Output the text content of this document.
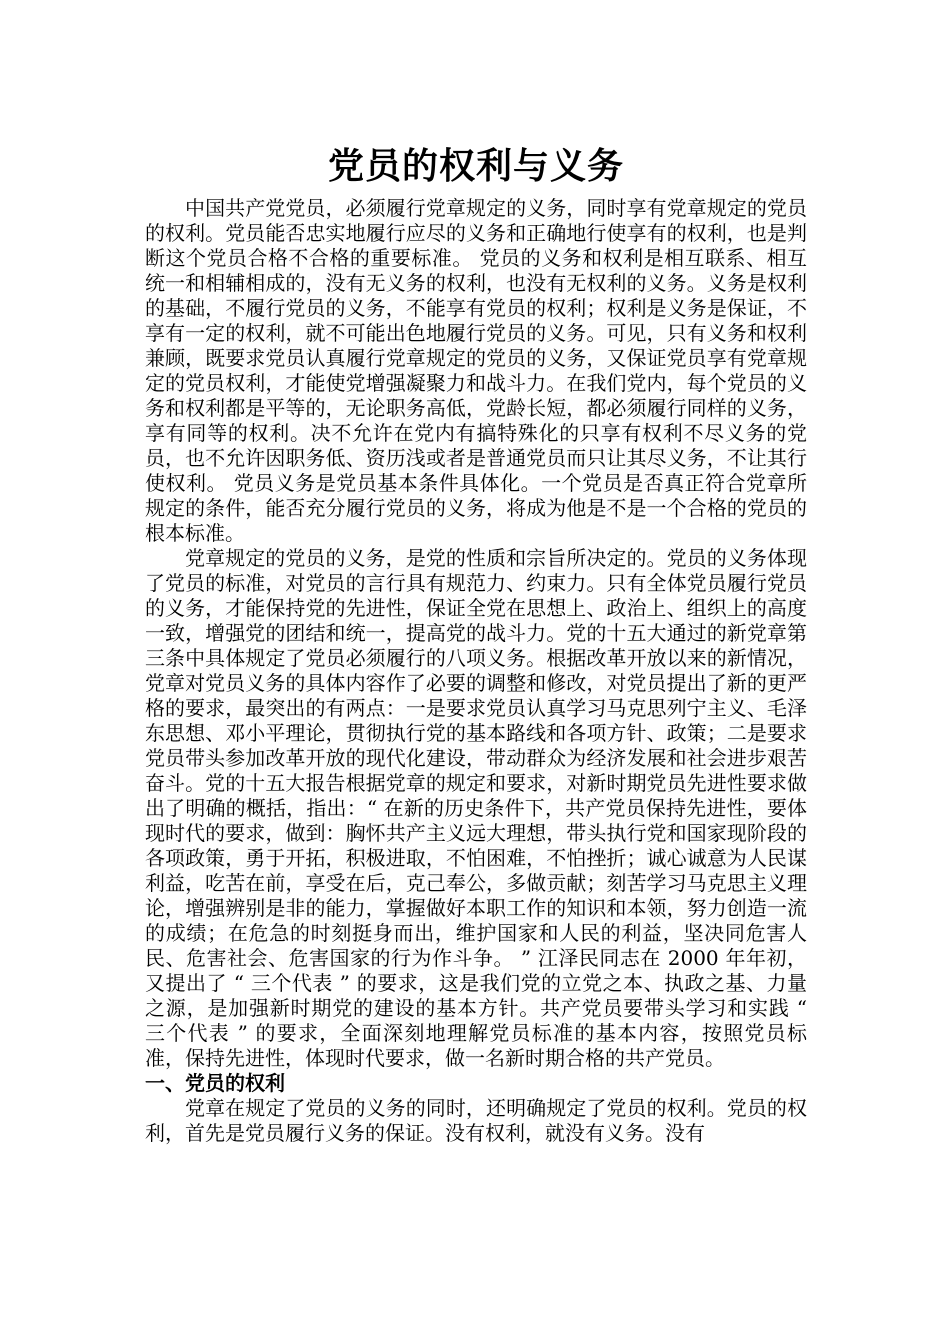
党员的权利与义务

中国共产党党员，必须履行党章规定的义务，同时享有党章规定的党员的权利。党员能否忠实地履行应尽的义务和正确地行使享有的权利，也是判断这个党员合格不合格的重要标准。 党员的义务和权利是相互联系、相互统一和相辅相成的，没有无义务的权利，也没有无权利的义务。义务是权利的基础，不履行党员的义务，不能享有党员的权利；权利是义务是保证，不享有一定的权利，就不可能出色地履行党员的义务。可见，只有义务和权利兼顾，既要求党员认真履行党章规定的党员的义务，又保证党员享有党章规定的党员权利，才能使党增强凝聚力和战斗力。在我们党内，每个党员的义务和权利都是平等的，无论职务高低，党龄长短，都必须履行同样的义务，享有同等的权利。决不允许在党内有搞特殊化的只享有权利不尽义务的党员，也不允许因职务低、资历浅或者是普通党员而只让其尽义务，不让其行使权利。 党员义务是党员基本条件具体化。一个党员是否真正符合党章所规定的条件，能否充分履行党员的义务，将成为他是不是一个合格的党员的根本标准。

党章规定的党员的义务，是党的性质和宗旨所决定的。党员的义务体现了党员的标准，对党员的言行具有规范力、约束力。只有全体党员履行党员的义务，才能保持党的先进性，保证全党在思想上、政治上、组织上的高度一致，增强党的团结和统一，提高党的战斗力。党的十五大通过的新党章第三条中具体规定了党员必须履行的八项义务。根据改革开放以来的新情况，党章对党员义务的具体内容作了必要的调整和修改，对党员提出了新的更严格的要求，最突出的有两点：一是要求党员认真学习马克思列宁主义、毛泽东思想、邓小平理论，贯彻执行党的基本路线和各项方针、政策；二是要求党员带头参加改革开放的现代化建设，带动群众为经济发展和社会进步艰苦奋斗。党的十五大报告根据党章的规定和要求，对新时期党员先进性要求做出了明确的概括，指出：“ 在新的历史条件下，共产党员保持先进性，要体现时代的要求，做到：胸怀共产主义远大理想，带头执行党和国家现阶段的各项政策，勇于开拓，积极进取，不怕困难，不怕挫折；诚心诚意为人民谋利益，吃苦在前，享受在后，克己奉公，多做贡献；刻苦学习马克思主义理论，增强辨别是非的能力，掌握做好本职工作的知识和本领，努力创造一流的成绩；在危急的时刻挺身而出，维护国家和人民的利益，坚决同危害人民、危害社会、危害国家的行为作斗争。 ” 江泽民同志在 2000 年年初，又提出了 “ 三个代表 ” 的要求，这是我们党的立党之本、执政之基、力量之源，是加强新时期党的建设的基本方针。共产党员要带头学习和实践 “ 三个代表 ” 的要求，全面深刻地理解党员标准的基本内容，按照党员标准，保持先进性，体现时代要求，做一名新时期合格的共产党员。

一、党员的权利

党章在规定了党员的义务的同时，还明确规定了党员的权利。党员的权利，首先是党员履行义务的保证。没有权利，就没有义务。没有
